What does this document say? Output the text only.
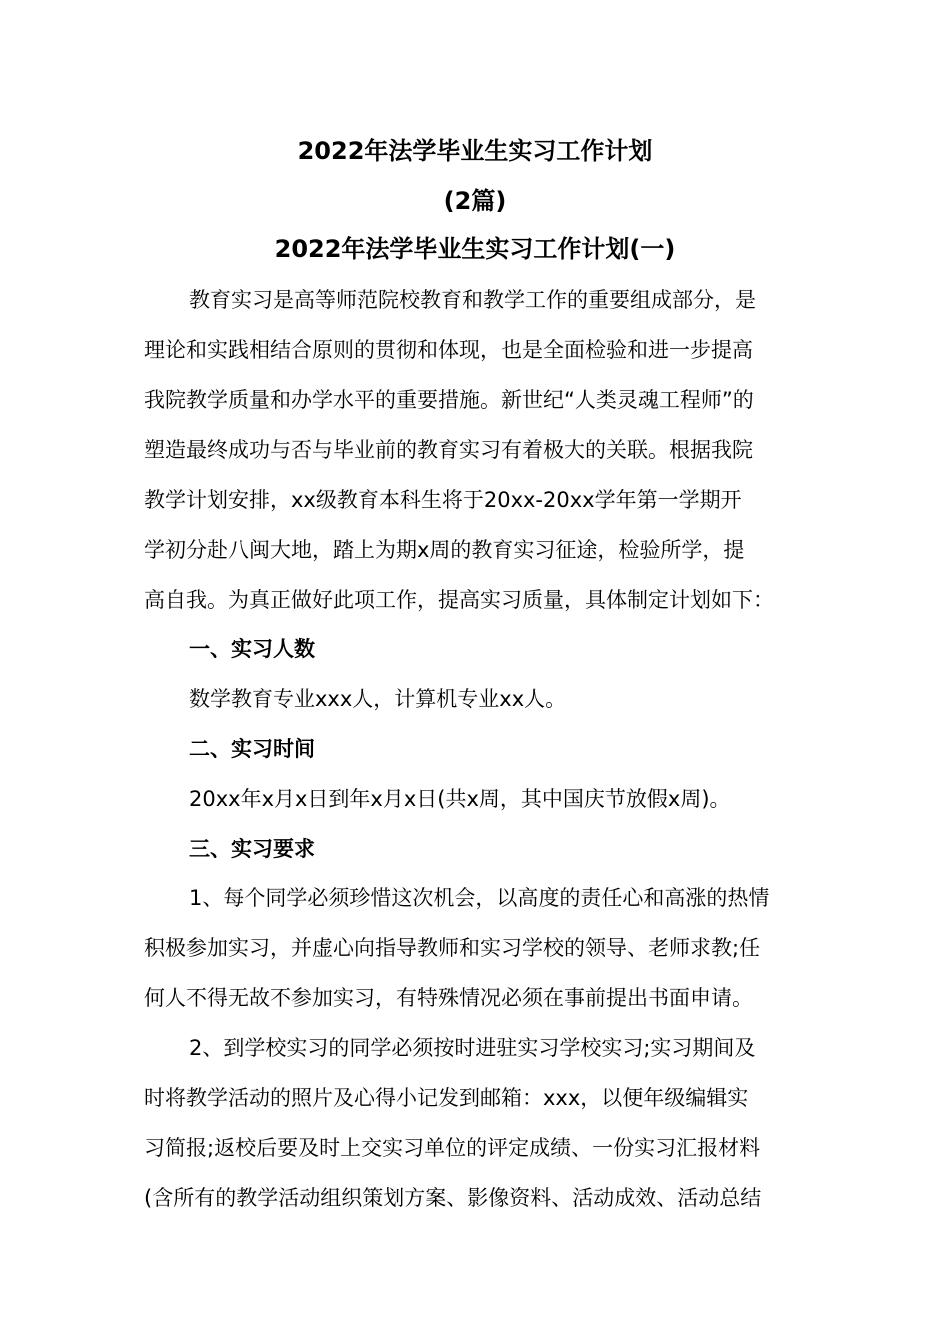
2022年法学毕业生实习工作计划

(2篇)

2022年法学毕业生实习工作计划(一)

教育实习是高等师范院校教育和教学工作的重要组成部分，是

理论和实践相结合原则的贯彻和体现，也是全面检验和进一步提高

我院教学质量和办学水平的重要措施。新世纪“人类灵魂工程师”的

塑造最终成功与否与毕业前的教育实习有着极大的关联。根据我院

教学计划安排，xx级教育本科生将于20xx-20xx学年第一学期开

学初分赴八闽大地，踏上为期x周的教育实习征途，检验所学，提

高自我。为真正做好此项工作，提高实习质量，具体制定计划如下：

一、实习人数

数学教育专业xxx人，计算机专业xx人。

二、实习时间

20xx年x月x日到年x月x日(共x周，其中国庆节放假x周)。

三、实习要求

1、每个同学必须珍惜这次机会，以高度的责任心和高涨的热情

积极参加实习，并虚心向指导教师和实习学校的领导、老师求教;任

何人不得无故不参加实习，有特殊情况必须在事前提出书面申请。

2、到学校实习的同学必须按时进驻实习学校实习;实习期间及

时将教学活动的照片及心得小记发到邮箱：xxx，以便年级编辑实

习简报;返校后要及时上交实习单位的评定成绩、一份实习汇报材料

(含所有的教学活动组织策划方案、影像资料、活动成效、活动总结
